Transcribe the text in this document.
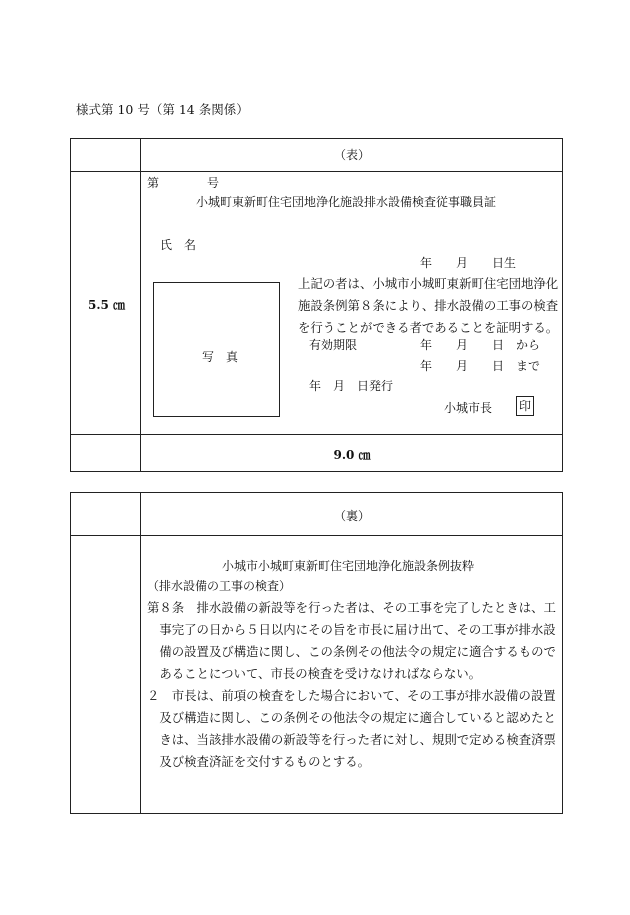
様式第 10 号（第 14 条関係）
（表）
5.5 ㎝
9.0 ㎝
第　　　　号
小城町東新町住宅団地浄化施設排水設備検査従事職員証
氏　名
年　　月　　日生
写　真
上記の者は、小城市小城町東新町住宅団地浄化
施設条例第８条により、排水設備の工事の検査
を行うことができる者であることを証明する。
有効期限	年　　月　　日　から
年　　月　　日　まで
年　月　日発行
小城市長 印
（裏）
小城市小城町東新町住宅団地浄化施設条例抜粋
（排水設備の工事の検査）
第８条　排水設備の新設等を行った者は、その工事を完了したときは、工
　事完了の日から５日以内にその旨を市長に届け出て、その工事が排水設
　備の設置及び構造に関し、この条例その他法令の規定に適合するもので
　あることについて、市長の検査を受けなければならない。
２　市長は、前項の検査をした場合において、その工事が排水設備の設置
　及び構造に関し、この条例その他法令の規定に適合していると認めたと
　きは、当該排水設備の新設等を行った者に対し、規則で定める検査済票
　及び検査済証を交付するものとする。
